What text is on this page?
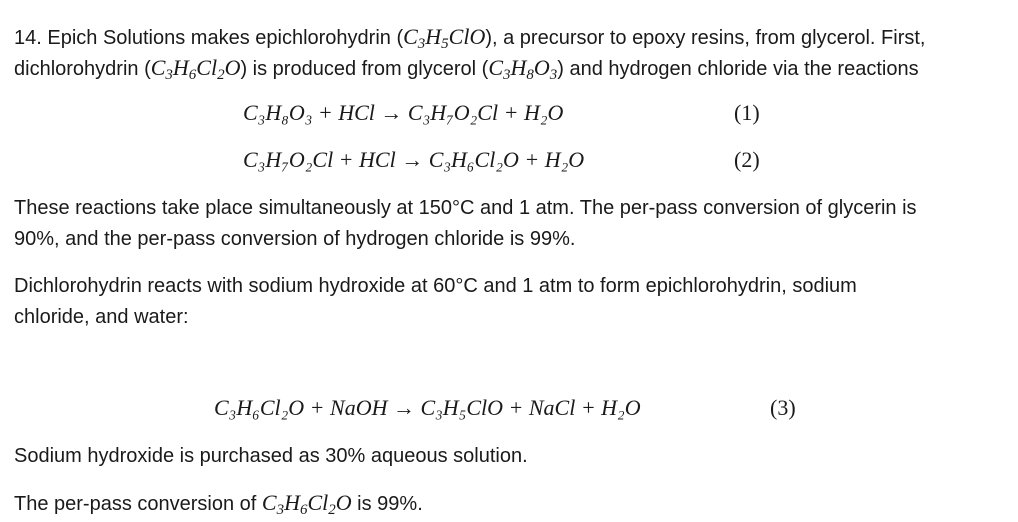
14. Epich Solutions makes epichlorohydrin $(C_3H_5ClO)$, a precursor to epoxy resins, from glycerol. First,

dichlorohydrin $(C_3H_6Cl_2O)$ is produced from glycerol $(C_3H_8O_3)$ and hydrogen chloride via the reactions

C₃H₈O₃ + HCl → C₃H₇O₂Cl + H₂O	(1)
C₃H₇O₂Cl + HCl → C₃H₆Cl₂O + H₂O	(2)

These reactions take place simultaneously at 150°C and 1 atm. The per-pass conversion of glycerin is

90%, and the per-pass conversion of hydrogen chloride is 99%.

Dichlorohydrin reacts with sodium hydroxide at 60°C and 1 atm to form epichlorohydrin, sodium

chloride, and water:

C₃H₆Cl₂O + NaOH → C₃H₅ClO + NaCl + H₂O	(3)

Sodium hydroxide is purchased as 30% aqueous solution.

The per-pass conversion of $C_3H_6Cl_2O$ is 99%.
